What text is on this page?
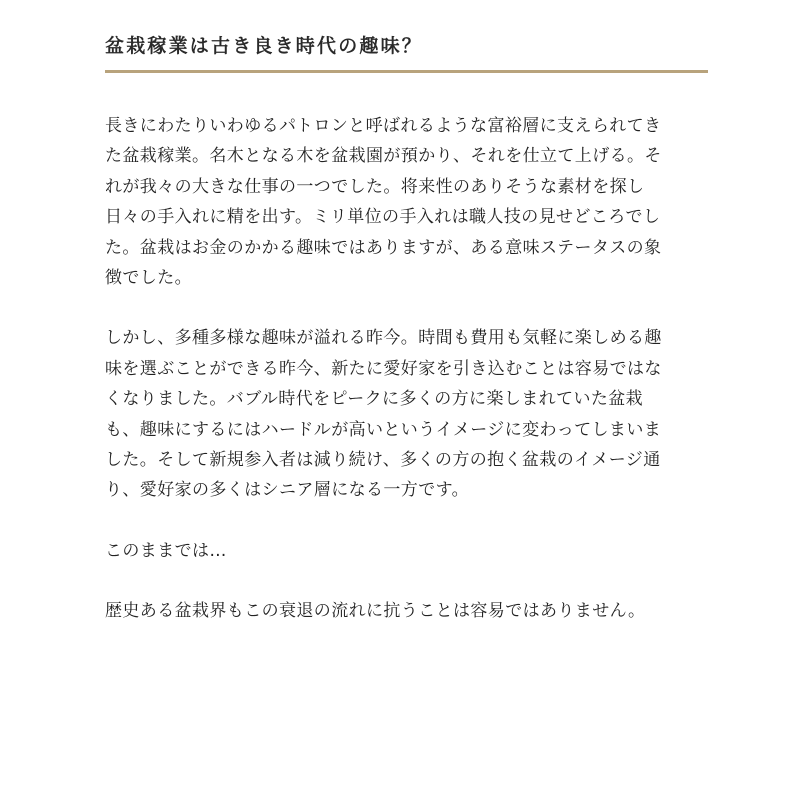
盆栽稼業は古き良き時代の趣味？

長きにわたりいわゆるパトロンと呼ばれるような富裕層に支えられてき
た盆栽稼業。名木となる木を盆栽園が預かり、それを仕立て上げる。そ
れが我々の大きな仕事の一つでした。将来性のありそうな素材を探し
日々の手入れに精を出す。ミリ単位の手入れは職人技の見せどころでし
た。盆栽はお金のかかる趣味ではありますが、ある意味ステータスの象
徴でした。

しかし、多種多様な趣味が溢れる昨今。時間も費用も気軽に楽しめる趣
味を選ぶことができる昨今、新たに愛好家を引き込むことは容易ではな
くなりました。バブル時代をピークに多くの方に楽しまれていた盆栽
も、趣味にするにはハードルが高いというイメージに変わってしまいま
した。そして新規参入者は減り続け、多くの方の抱く盆栽のイメージ通
り、愛好家の多くはシニア層になる一方です。

このままでは…

歴史ある盆栽界もこの衰退の流れに抗うことは容易ではありません。
